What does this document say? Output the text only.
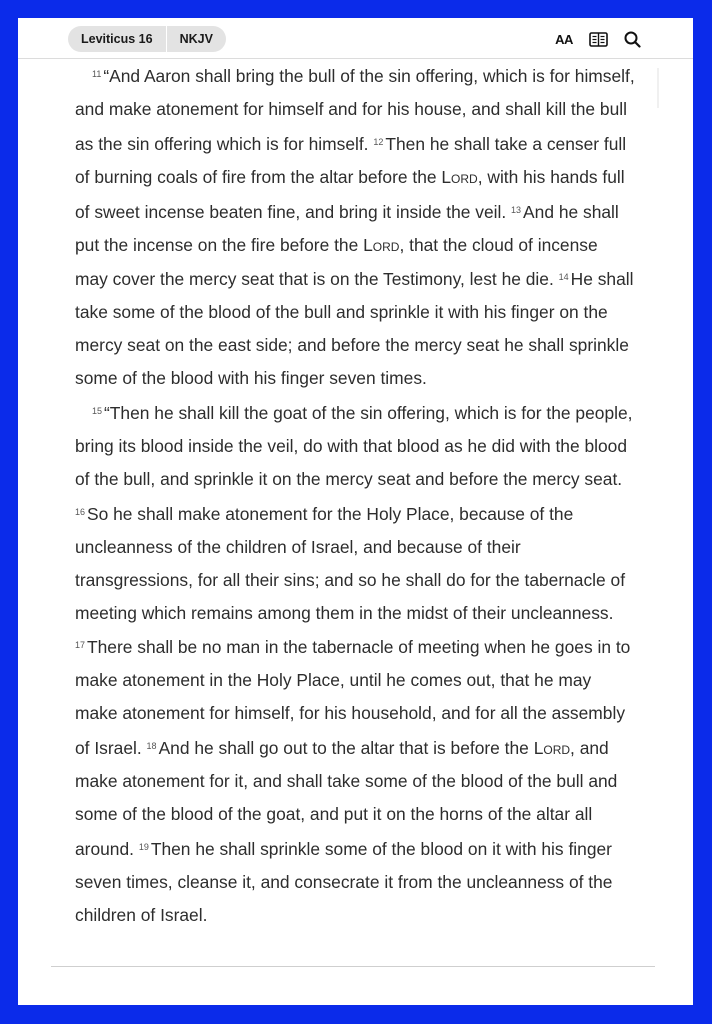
Leviticus 16	NKJV	AA

$^{11}$ “And Aaron shall bring the bull of the sin offering, which is for himself, and make atonement for himself and for his house, and shall kill the bull as the sin offering which is for himself. $^{12}$ Then he shall take a censer full of burning coals of fire from the altar before the Lord, with his hands full of sweet incense beaten fine, and bring it inside the veil. $^{13}$ And he shall put the incense on the fire before the Lord, that the cloud of incense may cover the mercy seat that is on the Testimony, lest he die. $^{14}$ He shall take some of the blood of the bull and sprinkle it with his finger on the mercy seat on the east side; and before the mercy seat he shall sprinkle some of the blood with his finger seven times.

$^{15}$ “Then he shall kill the goat of the sin offering, which is for the people, bring its blood inside the veil, do with that blood as he did with the blood of the bull, and sprinkle it on the mercy seat and before the mercy seat. $^{16}$ So he shall make atonement for the Holy Place, because of the uncleanness of the children of Israel, and because of their transgressions, for all their sins; and so he shall do for the tabernacle of meeting which remains among them in the midst of their uncleanness. $^{17}$ There shall be no man in the tabernacle of meeting when he goes in to make atonement in the Holy Place, until he comes out, that he may make atonement for himself, for his household, and for all the assembly of Israel. $^{18}$ And he shall go out to the altar that is before the Lord, and make atonement for it, and shall take some of the blood of the bull and some of the blood of the goat, and put it on the horns of the altar all around. $^{19}$ Then he shall sprinkle some of the blood on it with his finger seven times, cleanse it, and consecrate it from the uncleanness of the children of Israel.
